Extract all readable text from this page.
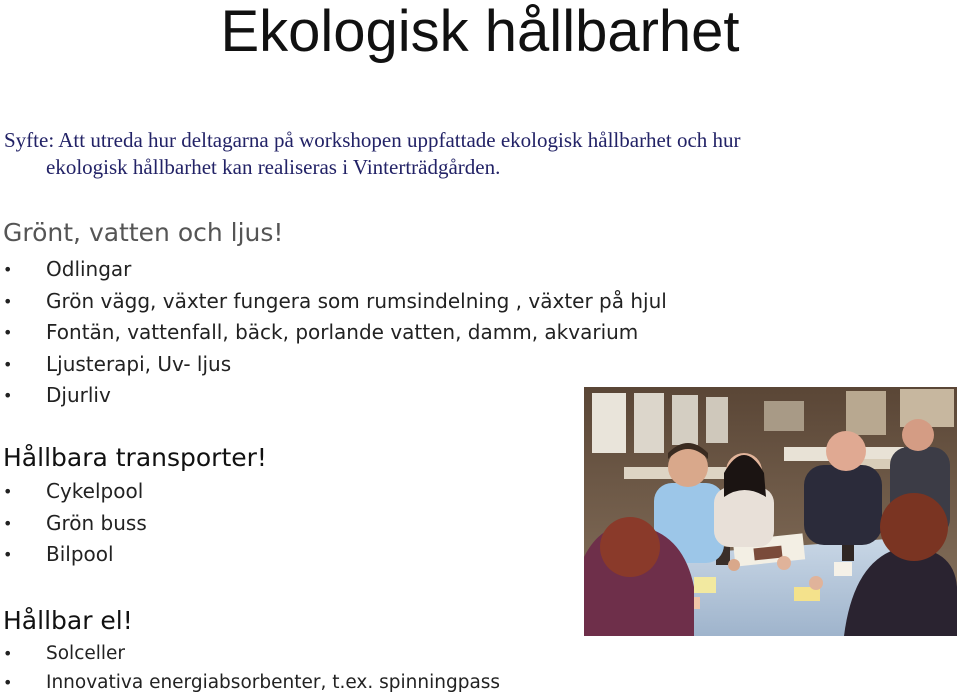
Ekologisk hållbarhet
Syfte: Att utreda hur deltagarna på workshopen uppfattade ekologisk hållbarhet och hur
ekologisk hållbarhet kan realiseras i Vinterträdgården.
Grönt, vatten och ljus!
• Odlingar
• Grön vägg, växter fungera som rumsindelning , växter på hjul
• Fontän, vattenfall, bäck, porlande vatten, damm, akvarium
• Ljusterapi, Uv- ljus
• Djurliv
Hållbara transporter!
• Cykelpool
• Grön buss
• Bilpool
Hållbar el!
• Solceller
• Innovativa energiabsorbenter, t.ex. spinningpass
